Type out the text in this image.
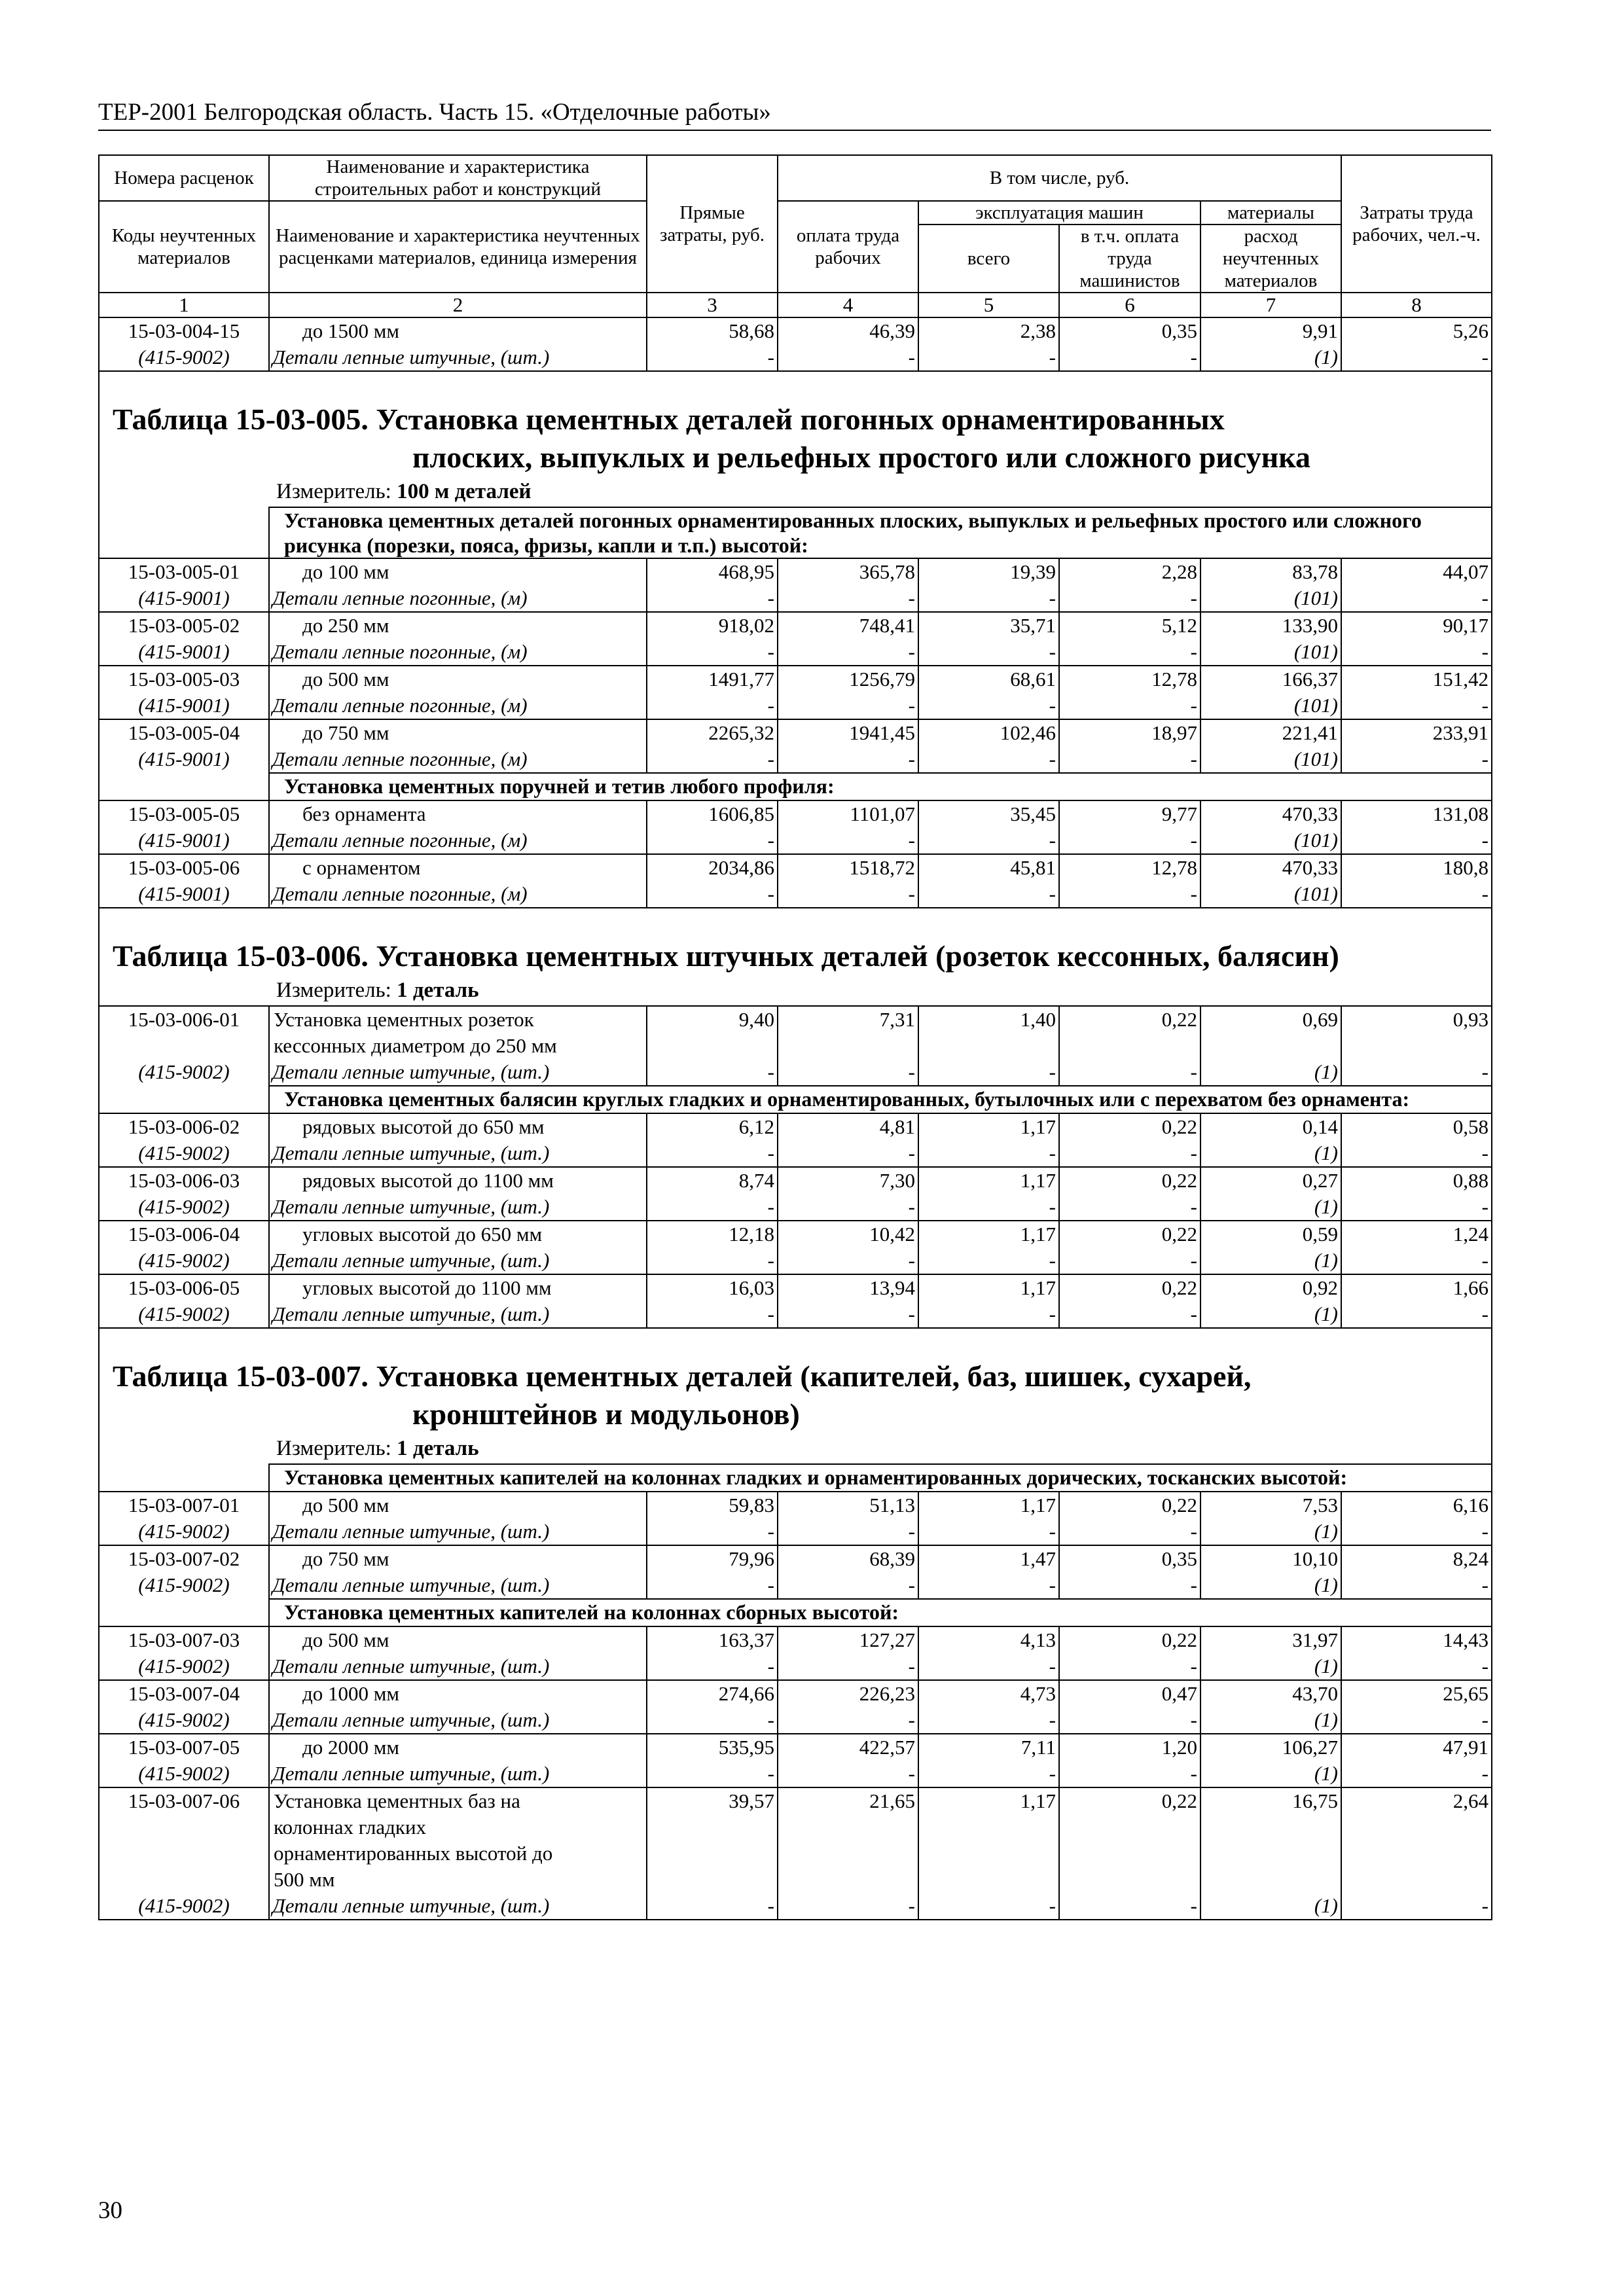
ТЕР-2001 Белгородская область. Часть 15. «Отделочные работы»
Номера расценок	Наименование и характеристика строительных работ и конструкций	Прямые затраты, руб.	В том числе, руб.				Затраты труда рабочих, чел.-ч.
Коды неучтенных материалов	Наименование и характеристика неучтенных расценками материалов, единица измерения		оплата труда рабочих	эксплуатация машин		материалы	
				всего	в т.ч. оплата труда машинистов	расход неучтенных материалов	
1	2	3	4	5	6	7	8
15-03-004-15	до 1500 мм	58,68	46,39	2,38	0,35	9,91	5,26
(415-9002)	Детали лепные штучные, (шт.)	-	-	-	-	(1)	-

Таблица 15-03-005. Установка цементных деталей погонных орнаментированных
плоских, выпуклых и рельефных простого или сложного рисунка							

Измеритель: 100 м деталей							
	Установка цементных деталей погонных орнаментированных плоских, выпуклых и рельефных простого или сложного рисунка (порезки, пояса, фризы, капли и т.п.) высотой:						
15-03-005-01	до 100 мм	468,95	365,78	19,39	2,28	83,78	44,07
(415-9001)	Детали лепные погонные, (м)	-	-	-	-	(101)	-
15-03-005-02	до 250 мм	918,02	748,41	35,71	5,12	133,90	90,17
(415-9001)	Детали лепные погонные, (м)	-	-	-	-	(101)	-
15-03-005-03	до 500 мм	1491,77	1256,79	68,61	12,78	166,37	151,42
(415-9001)	Детали лепные погонные, (м)	-	-	-	-	(101)	-
15-03-005-04	до 750 мм	2265,32	1941,45	102,46	18,97	221,41	233,91
(415-9001)	Детали лепные погонные, (м)	-	-	-	-	(101)	-
	Установка цементных поручней и тетив любого профиля:						
15-03-005-05	без орнамента	1606,85	1101,07	35,45	9,77	470,33	131,08
(415-9001)	Детали лепные погонные, (м)	-	-	-	-	(101)	-
15-03-005-06	с орнаментом	2034,86	1518,72	45,81	12,78	470,33	180,8
(415-9001)	Детали лепные погонные, (м)	-	-	-	-	(101)	-

Таблица 15-03-006. Установка цементных штучных деталей (розеток кессонных, балясин)							

Измеритель: 1 деталь							
15-03-006-01	Установка цементных розеток	9,40	7,31	1,40	0,22	0,69	0,93
	кессонных диаметром до 250 мм						
(415-9002)	Детали лепные штучные, (шт.)	-	-	-	-	(1)	-
	Установка цементных балясин круглых гладких и орнаментированных, бутылочных или с перехватом без орнамента:						
15-03-006-02	рядовых высотой до 650 мм	6,12	4,81	1,17	0,22	0,14	0,58
(415-9002)	Детали лепные штучные, (шт.)	-	-	-	-	(1)	-
15-03-006-03	рядовых высотой до 1100 мм	8,74	7,30	1,17	0,22	0,27	0,88
(415-9002)	Детали лепные штучные, (шт.)	-	-	-	-	(1)	-
15-03-006-04	угловых высотой до 650 мм	12,18	10,42	1,17	0,22	0,59	1,24
(415-9002)	Детали лепные штучные, (шт.)	-	-	-	-	(1)	-
15-03-006-05	угловых высотой до 1100 мм	16,03	13,94	1,17	0,22	0,92	1,66
(415-9002)	Детали лепные штучные, (шт.)	-	-	-	-	(1)	-

Таблица 15-03-007. Установка цементных деталей (капителей, баз, шишек, сухарей,
кронштейнов и модульонов)							

Измеритель: 1 деталь							
	Установка цементных капителей на колоннах гладких и орнаментированных дорических, тосканских высотой:						
15-03-007-01	до 500 мм	59,83	51,13	1,17	0,22	7,53	6,16
(415-9002)	Детали лепные штучные, (шт.)	-	-	-	-	(1)	-
15-03-007-02	до 750 мм	79,96	68,39	1,47	0,35	10,10	8,24
(415-9002)	Детали лепные штучные, (шт.)	-	-	-	-	(1)	-
	Установка цементных капителей на колоннах сборных высотой:						
15-03-007-03	до 500 мм	163,37	127,27	4,13	0,22	31,97	14,43
(415-9002)	Детали лепные штучные, (шт.)	-	-	-	-	(1)	-
15-03-007-04	до 1000 мм	274,66	226,23	4,73	0,47	43,70	25,65
(415-9002)	Детали лепные штучные, (шт.)	-	-	-	-	(1)	-
15-03-007-05	до 2000 мм	535,95	422,57	7,11	1,20	106,27	47,91
(415-9002)	Детали лепные штучные, (шт.)	-	-	-	-	(1)	-
15-03-007-06	Установка цементных баз на	39,57	21,65	1,17	0,22	16,75	2,64
	колоннах гладких						
	орнаментированных высотой до						
	500 мм						
(415-9002)	Детали лепные штучные, (шт.)	-	-	-	-	(1)	-
30
